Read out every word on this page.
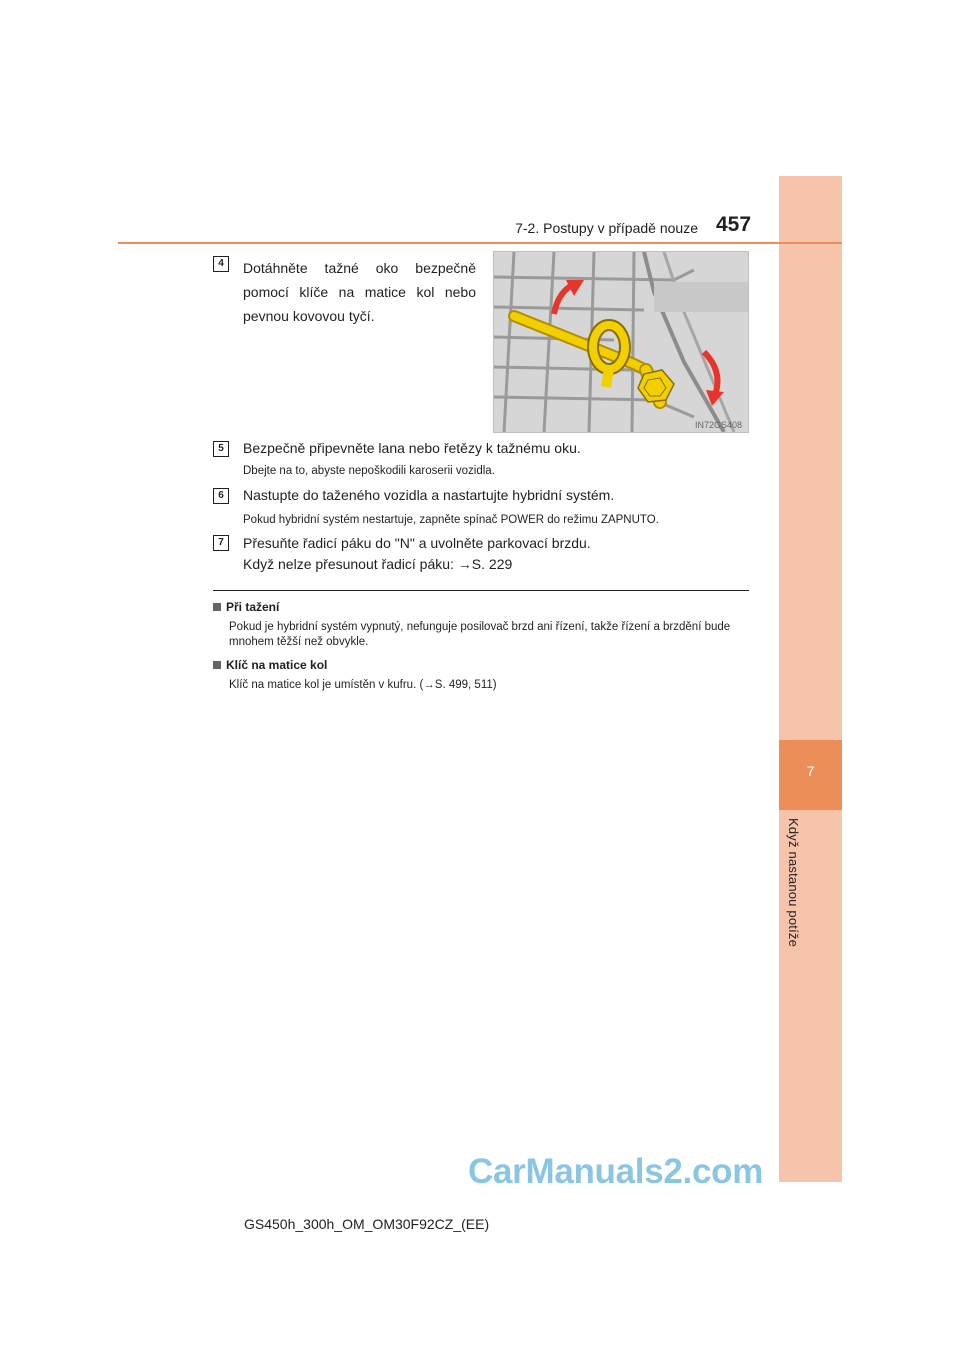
7
Když nastanou potíže
7-2. Postupy v případě nouze 457
4	Dotáhněte tažné oko bezpečně pomocí klíče na matice kol nebo pevnou kovovou tyčí.
IN72GS408
5	Bezpečně připevněte lana nebo řetězy k tažnému oku.
Dbejte na to, abyste nepoškodili karoserii vozidla.
6	Nastupte do taženého vozidla a nastartujte hybridní systém.
Pokud hybridní systém nestartuje, zapněte spínač POWER do režimu ZAPNUTO.
7	Přesuňte řadicí páku do "N" a uvolněte parkovací brzdu.
Když nelze přesunout řadicí páku: →S. 229
Při tažení
Pokud je hybridní systém vypnutý, nefunguje posilovač brzd ani řízení, takže řízení a brzdění bude mnohem těžší než obvykle.
Klíč na matice kol
Klíč na matice kol je umístěn v kufru. (→S. 499, 511)
CarManuals2.com
GS450h_300h_OM_OM30F92CZ_(EE)
